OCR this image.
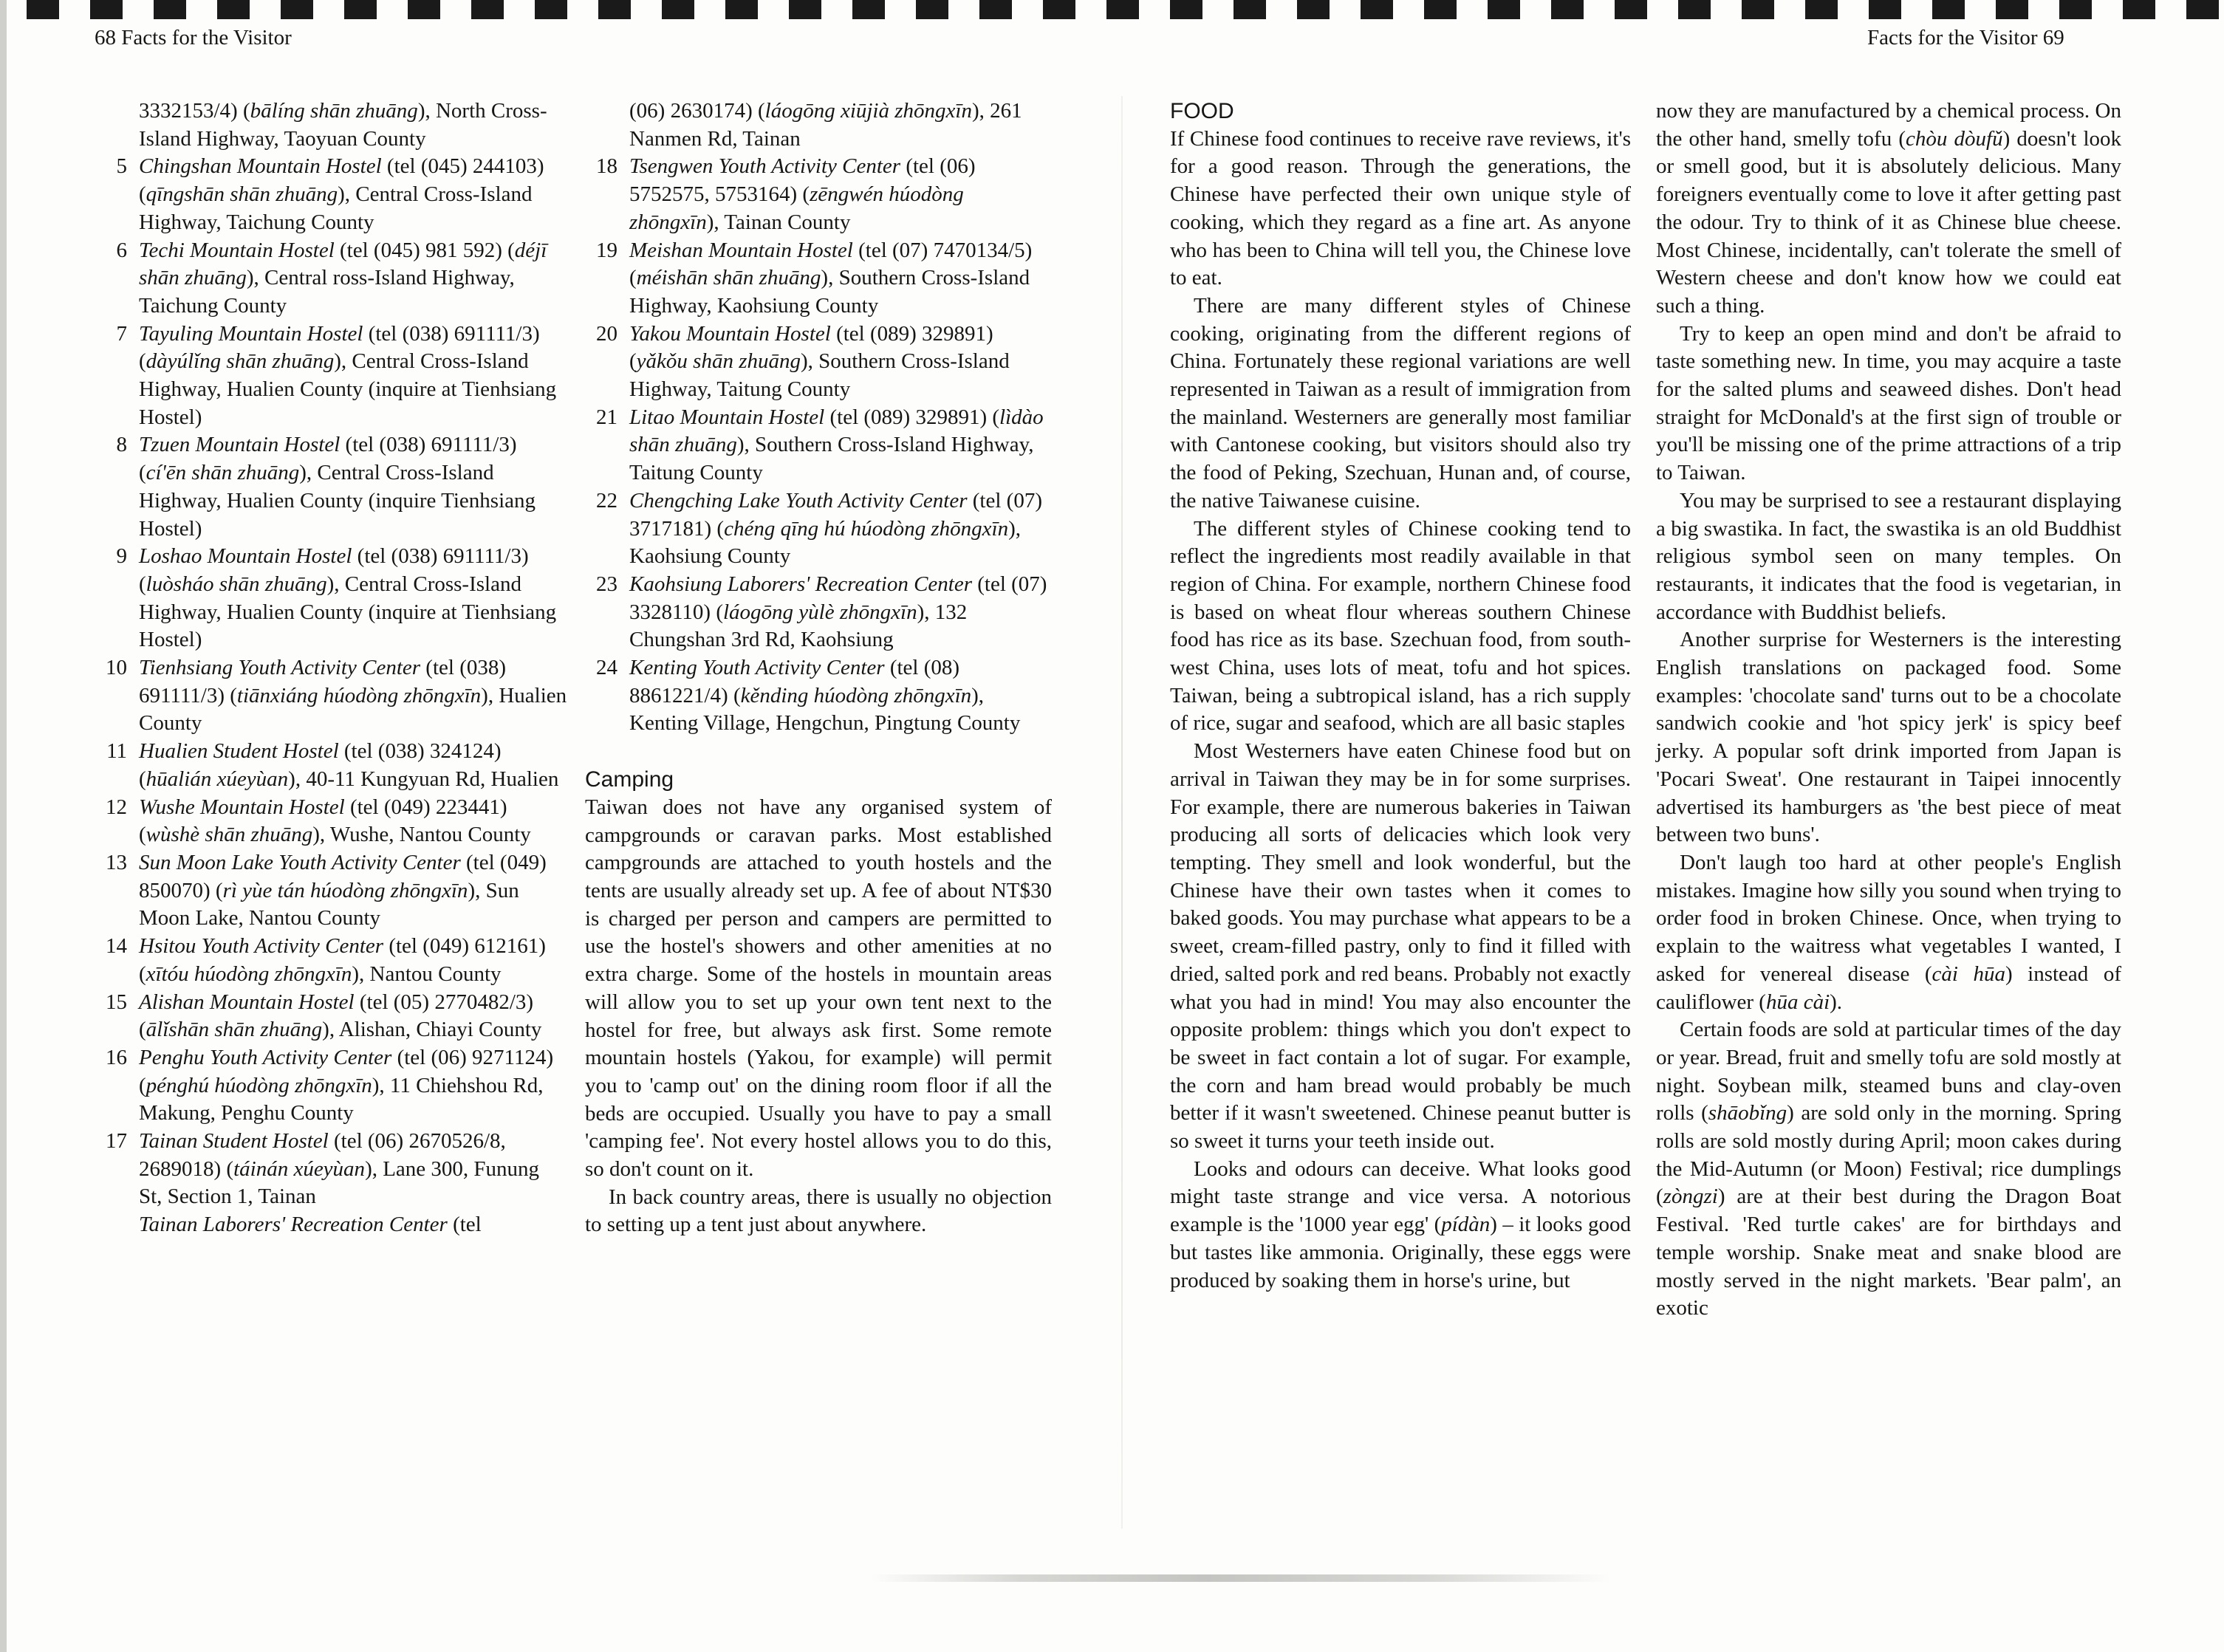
68 Facts for the Visitor	Facts for the Visitor 69

3332153/4) (bālíng shān zhuāng), North Cross-Island Highway, Taoyuan County

5 Chingshan Mountain Hostel (tel (045) 244103) (qīngshān shān zhuāng), Central Cross-Island Highway, Taichung County

6 Techi Mountain Hostel (tel (045) 981 592) (déjī shān zhuāng), Central ross-Island Highway, Taichung County

7 Tayuling Mountain Hostel (tel (038) 691111/3) (dàyúlǐng shān zhuāng), Central Cross-Island Highway, Hualien County (inquire at Tienhsiang Hostel)

8 Tzuen Mountain Hostel (tel (038) 691111/3) (cí'ēn shān zhuāng), Central Cross-Island Highway, Hualien County (inquire Tienhsiang Hostel)

9 Loshao Mountain Hostel (tel (038) 691111/3) (luòsháo shān zhuāng), Central Cross-Island Highway, Hualien County (inquire at Tienhsiang Hostel)

10 Tienhsiang Youth Activity Center (tel (038) 691111/3) (tiānxiáng húodòng zhōngxīn), Hualien County

11 Hualien Student Hostel (tel (038) 324124) (hūalián xúeyùan), 40-11 Kungyuan Rd, Hualien

12 Wushe Mountain Hostel (tel (049) 223441) (wùshè shān zhuāng), Wushe, Nantou County

13 Sun Moon Lake Youth Activity Center (tel (049) 850070) (rì yùe tán húodòng zhōngxīn), Sun Moon Lake, Nantou County

14 Hsitou Youth Activity Center (tel (049) 612161) (xītóu húodòng zhōngxīn), Nantou County

15 Alishan Mountain Hostel (tel (05) 2770482/3) (ālǐshān shān zhuāng), Alishan, Chiayi County

16 Penghu Youth Activity Center (tel (06) 9271124) (pénghú húodòng zhōngxīn), 11 Chiehshou Rd, Makung, Penghu County

17 Tainan Student Hostel (tel (06) 2670526/8, 2689018) (táinán xúeyùan), Lane 300, Funung St, Section 1, Tainan

Tainan Laborers' Recreation Center (tel

(06) 2630174) (láogōng xiūjià zhōngxīn), 261 Nanmen Rd, Tainan

18 Tsengwen Youth Activity Center (tel (06) 5752575, 5753164) (zēngwén húodòng zhōngxīn), Tainan County

19 Meishan Mountain Hostel (tel (07) 7470134/5) (méishān shān zhuāng), Southern Cross-Island Highway, Kaohsiung County

20 Yakou Mountain Hostel (tel (089) 329891) (yǎkǒu shān zhuāng), Southern Cross-Island Highway, Taitung County

21 Litao Mountain Hostel (tel (089) 329891) (lìdào shān zhuāng), Southern Cross-Island Highway, Taitung County

22 Chengching Lake Youth Activity Center (tel (07) 3717181) (chéng qīng hú húodòng zhōngxīn), Kaohsiung County

23 Kaohsiung Laborers' Recreation Center (tel (07) 3328110) (láogōng yùlè zhōngxīn), 132 Chungshan 3rd Rd, Kaohsiung

24 Kenting Youth Activity Center (tel (08) 8861221/4) (kěnding húodòng zhōngxīn), Kenting Village, Hengchun, Pingtung County

Camping

Taiwan does not have any organised system of campgrounds or caravan parks. Most established campgrounds are attached to youth hostels and the tents are usually already set up. A fee of about NT$30 is charged per person and campers are permitted to use the hostel's showers and other amenities at no extra charge. Some of the hostels in mountain areas will allow you to set up your own tent next to the hostel for free, but always ask first. Some remote mountain hostels (Yakou, for example) will permit you to 'camp out' on the dining room floor if all the beds are occupied. Usually you have to pay a small 'camping fee'. Not every hostel allows you to do this, so don't count on it.

In back country areas, there is usually no objection to setting up a tent just about anywhere.

FOOD

If Chinese food continues to receive rave reviews, it's for a good reason. Through the generations, the Chinese have perfected their own unique style of cooking, which they regard as a fine art. As anyone who has been to China will tell you, the Chinese love to eat.

There are many different styles of Chinese cooking, originating from the different regions of China. Fortunately these regional variations are well represented in Taiwan as a result of immigration from the mainland. Westerners are generally most familiar with Cantonese cooking, but visitors should also try the food of Peking, Szechuan, Hunan and, of course, the native Taiwanese cuisine.

The different styles of Chinese cooking tend to reflect the ingredients most readily available in that region of China. For example, northern Chinese food is based on wheat flour whereas southern Chinese food has rice as its base. Szechuan food, from south-west China, uses lots of meat, tofu and hot spices. Taiwan, being a subtropical island, has a rich supply of rice, sugar and seafood, which are all basic staples

Most Westerners have eaten Chinese food but on arrival in Taiwan they may be in for some surprises. For example, there are numerous bakeries in Taiwan producing all sorts of delicacies which look very tempting. They smell and look wonderful, but the Chinese have their own tastes when it comes to baked goods. You may purchase what appears to be a sweet, cream-filled pastry, only to find it filled with dried, salted pork and red beans. Probably not exactly what you had in mind! You may also encounter the opposite problem: things which you don't expect to be sweet in fact contain a lot of sugar. For example, the corn and ham bread would probably be much better if it wasn't sweetened. Chinese peanut butter is so sweet it turns your teeth inside out.

Looks and odours can deceive. What looks good might taste strange and vice versa. A notorious example is the '1000 year egg' (pídàn) – it looks good but tastes like ammonia. Originally, these eggs were produced by soaking them in horse's urine, but

now they are manufactured by a chemical process. On the other hand, smelly tofu (chòu dòufǔ) doesn't look or smell good, but it is absolutely delicious. Many foreigners eventually come to love it after getting past the odour. Try to think of it as Chinese blue cheese. Most Chinese, incidentally, can't tolerate the smell of Western cheese and don't know how we could eat such a thing.

Try to keep an open mind and don't be afraid to taste something new. In time, you may acquire a taste for the salted plums and seaweed dishes. Don't head straight for McDonald's at the first sign of trouble or you'll be missing one of the prime attractions of a trip to Taiwan.

You may be surprised to see a restaurant displaying a big swastika. In fact, the swastika is an old Buddhist religious symbol seen on many temples. On restaurants, it indicates that the food is vegetarian, in accordance with Buddhist beliefs.

Another surprise for Westerners is the interesting English translations on packaged food. Some examples: 'chocolate sand' turns out to be a chocolate sandwich cookie and 'hot spicy jerk' is spicy beef jerky. A popular soft drink imported from Japan is 'Pocari Sweat'. One restaurant in Taipei innocently advertised its hamburgers as 'the best piece of meat between two buns'.

Don't laugh too hard at other people's English mistakes. Imagine how silly you sound when trying to order food in broken Chinese. Once, when trying to explain to the waitress what vegetables I wanted, I asked for venereal disease (cài hūa) instead of cauliflower (hūa cài).

Certain foods are sold at particular times of the day or year. Bread, fruit and smelly tofu are sold mostly at night. Soybean milk, steamed buns and clay-oven rolls (shāobǐng) are sold only in the morning. Spring rolls are sold mostly during April; moon cakes during the Mid-Autumn (or Moon) Festival; rice dumplings (zòngzi) are at their best during the Dragon Boat Festival. 'Red turtle cakes' are for birthdays and temple worship. Snake meat and snake blood are mostly served in the night markets. 'Bear palm', an exotic
